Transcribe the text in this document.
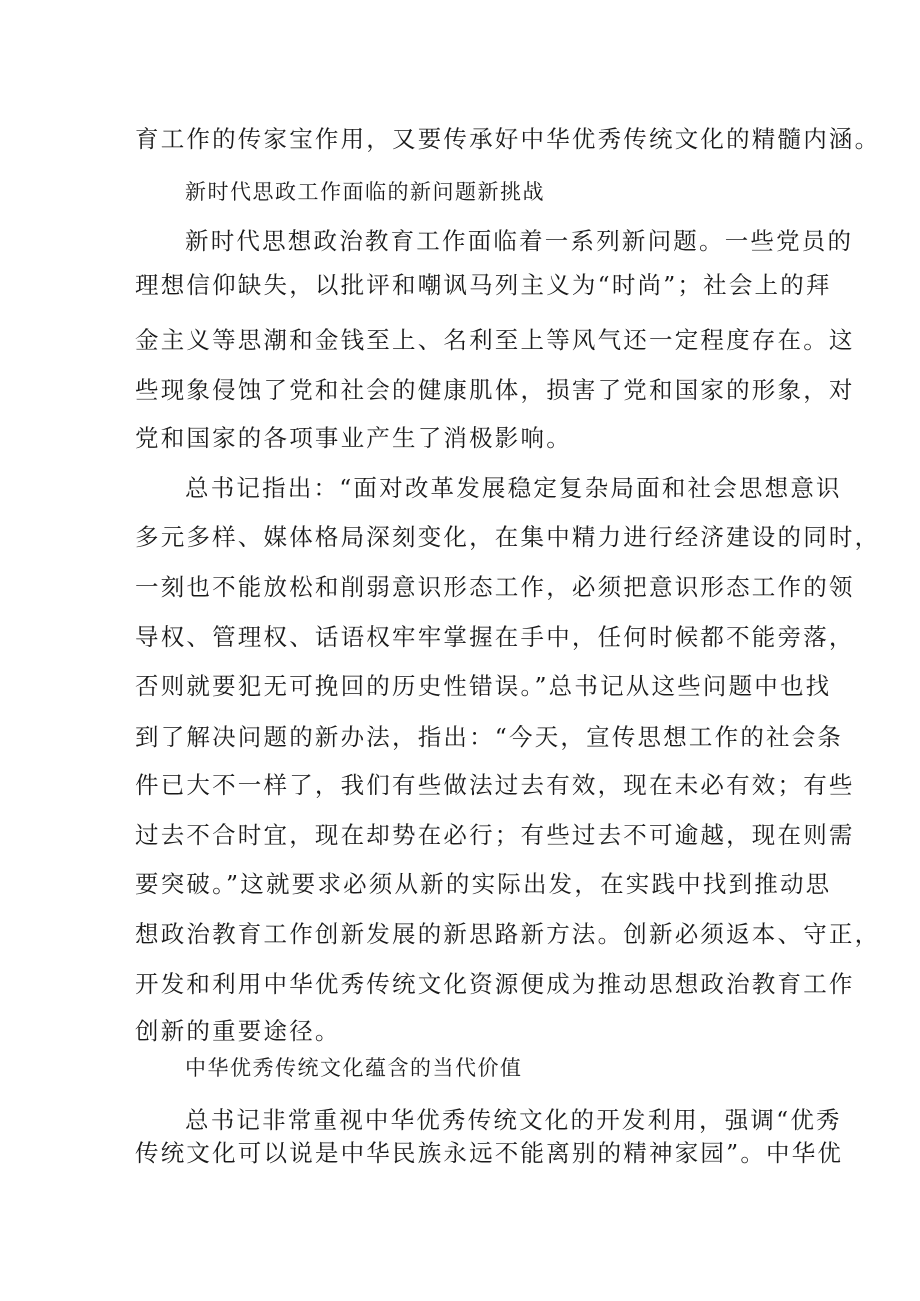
育工作的传家宝作用，又要传承好中华优秀传统文化的精髓内涵。
新时代思政工作面临的新问题新挑战
新时代思想政治教育工作面临着一系列新问题。一些党员的
理想信仰缺失，以批评和嘲讽马列主义为“时尚”；社会上的拜
金主义等思潮和金钱至上、名利至上等风气还一定程度存在。这
些现象侵蚀了党和社会的健康肌体，损害了党和国家的形象，对
党和国家的各项事业产生了消极影响。
总书记指出：“面对改革发展稳定复杂局面和社会思想意识
多元多样、媒体格局深刻变化，在集中精力进行经济建设的同时，
一刻也不能放松和削弱意识形态工作，必须把意识形态工作的领
导权、管理权、话语权牢牢掌握在手中，任何时候都不能旁落，
否则就要犯无可挽回的历史性错误。”总书记从这些问题中也找
到了解决问题的新办法，指出：“今天，宣传思想工作的社会条
件已大不一样了，我们有些做法过去有效，现在未必有效；有些
过去不合时宜，现在却势在必行；有些过去不可逾越，现在则需
要突破。”这就要求必须从新的实际出发，在实践中找到推动思
想政治教育工作创新发展的新思路新方法。创新必须返本、守正，
开发和利用中华优秀传统文化资源便成为推动思想政治教育工作
创新的重要途径。
中华优秀传统文化蕴含的当代价值
总书记非常重视中华优秀传统文化的开发利用，强调“优秀
传统文化可以说是中华民族永远不能离别的精神家园”。中华优
